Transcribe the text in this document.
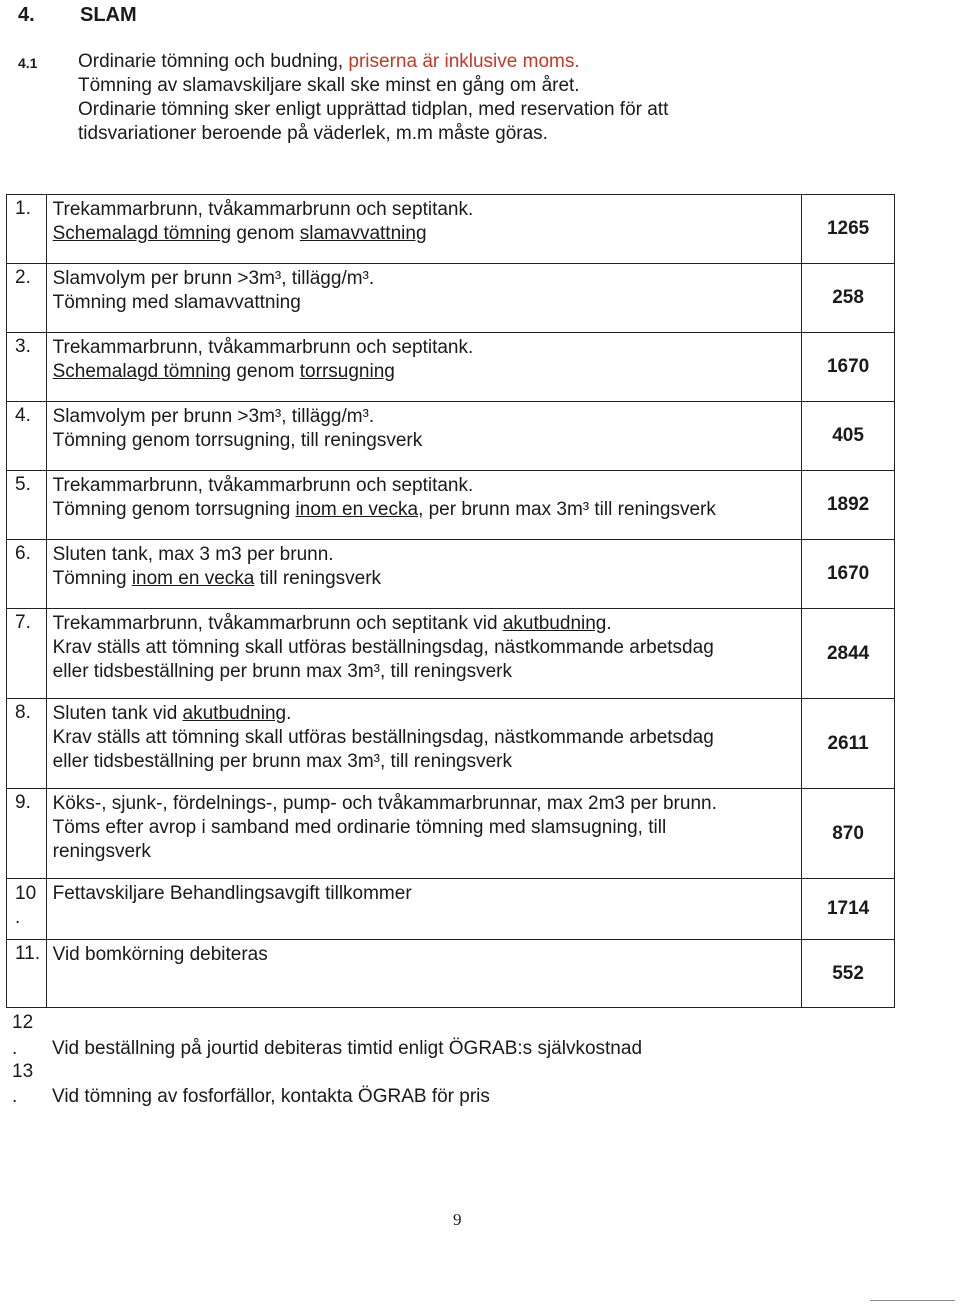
4. SLAM
4.1 Ordinarie tömning och budning, priserna är inklusive moms.
Tömning av slamavskiljare skall ske minst en gång om året.
Ordinarie tömning sker enligt upprättad tidplan, med reservation för att
tidsvariationer beroende på väderlek, m.m måste göras.
1.	Trekammarbrunn, tvåkammarbrunn och septitank.
Schemalagd tömning genom slamavvattning	1265
2.	Slamvolym per brunn >3m³, tillägg/m³.
Tömning med slamavvattning	258
3.	Trekammarbrunn, tvåkammarbrunn och septitank.
Schemalagd tömning genom torrsugning	1670
4.	Slamvolym per brunn >3m³, tillägg/m³.
Tömning genom torrsugning, till reningsverk	405
5.	Trekammarbrunn, tvåkammarbrunn och septitank.
Tömning genom torrsugning inom en vecka, per brunn max 3m³ till reningsverk	1892
6.	Sluten tank, max 3 m3 per brunn.
Tömning inom en vecka till reningsverk	1670
7.	Trekammarbrunn, tvåkammarbrunn och septitank vid akutbudning.
Krav ställs att tömning skall utföras beställningsdag, nästkommande arbetsdag
eller tidsbeställning per brunn max 3m³, till reningsverk	2844
8.	Sluten tank vid akutbudning.
Krav ställs att tömning skall utföras beställningsdag, nästkommande arbetsdag
eller tidsbeställning per brunn max 3m³, till reningsverk	2611
9.	Köks-, sjunk-, fördelnings-, pump- och tvåkammarbrunnar, max 2m3 per brunn.
Töms efter avrop i samband med ordinarie tömning med slamsugning, till
reningsverk	870

10
.	Fettavskiljare Behandlingsavgift tillkommer	1714
11.	Vid bomkörning debiteras	552
12
. Vid beställning på jourtid debiteras timtid enligt ÖGRAB:s självkostnad
13
. Vid tömning av fosforfällor, kontakta ÖGRAB för pris
9
